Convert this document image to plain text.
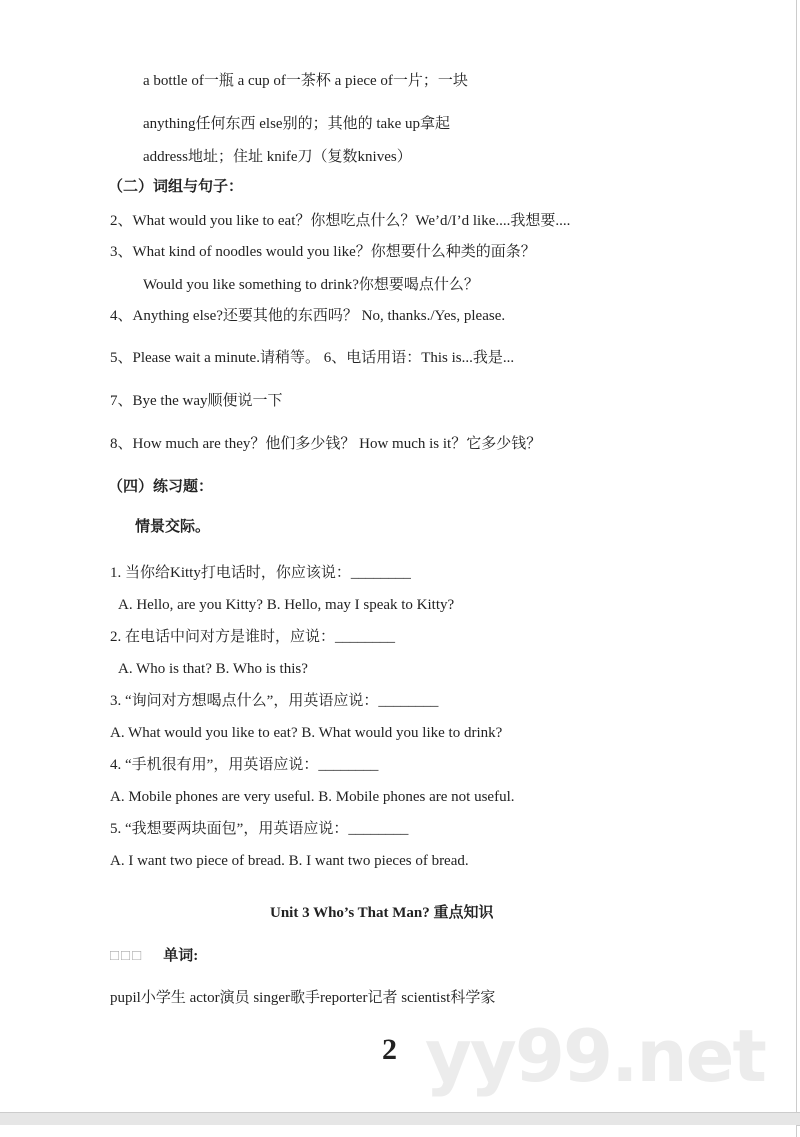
a bottle of一瓶 a cup of一茶杯 a piece of一片；一块
anything任何东西 else别的；其他的 take up拿起
address地址；住址 knife刀（复数knives）
（二）词组与句子：
2、What would you like to eat？你想吃点什么？We’d/I’d like....我想要....
3、What kind of noodles would you like？你想要什么种类的面条？
Would you like something to drink?你想要喝点什么？
4、Anything else?还要其他的东西吗？ No, thanks./Yes, please.
5、Please wait a minute.请稍等。 6、电话用语：This is...我是...
7、Bye the way顺便说一下
8、How much are they？他们多少钱？ How much is it？它多少钱？
（四）练习题：
情景交际。
1. 当你给Kitty打电话时，你应该说：________
A. Hello, are you Kitty? B. Hello, may I speak to Kitty?
2. 在电话中问对方是谁时，应说：________
A. Who is that? B. Who is this?
3. “询问对方想喝点什么”，用英语应说：________
A. What would you like to eat? B. What would you like to drink?
4. “手机很有用”，用英语应说：________
A. Mobile phones are very useful. B. Mobile phones are not useful.
5. “我想要两块面包”，用英语应说：________
A. I want two piece of bread. B. I want two pieces of bread.
Unit 3 Who’s That Man? 重点知识
□□□ 单词:
pupil小学生 actor演员 singer歌手reporter记者 scientist科学家
yy99.net
2
